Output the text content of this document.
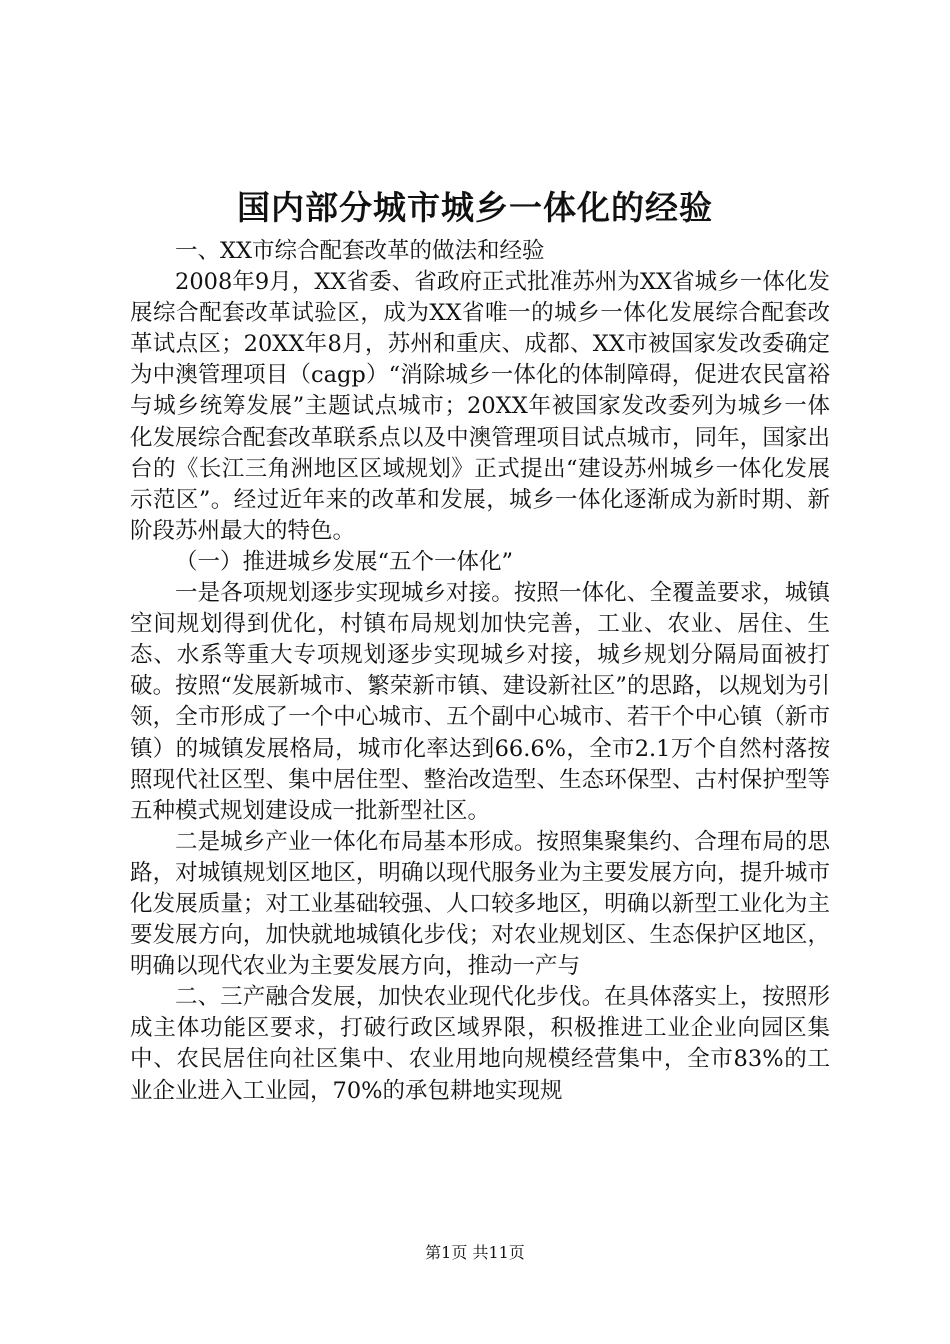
国内部分城市城乡一体化的经验

一、XX市综合配套改革的做法和经验

2008年9月，XX省委、省政府正式批准苏州为XX省城乡一体化发展综合配套改革试验区，成为XX省唯一的城乡一体化发展综合配套改革试点区；20XX年8月，苏州和重庆、成都、XX市被国家发改委确定为中澳管理项目（cagp）“消除城乡一体化的体制障碍，促进农民富裕与城乡统筹发展”主题试点城市；20XX年被国家发改委列为城乡一体化发展综合配套改革联系点以及中澳管理项目试点城市，同年，国家出台的《长江三角洲地区区域规划》正式提出“建设苏州城乡一体化发展示范区”。经过近年来的改革和发展，城乡一体化逐渐成为新时期、新阶段苏州最大的特色。

（一）推进城乡发展“五个一体化”

一是各项规划逐步实现城乡对接。按照一体化、全覆盖要求，城镇空间规划得到优化，村镇布局规划加快完善，工业、农业、居住、生态、水系等重大专项规划逐步实现城乡对接，城乡规划分隔局面被打破。按照“发展新城市、繁荣新市镇、建设新社区”的思路，以规划为引领，全市形成了一个中心城市、五个副中心城市、若干个中心镇（新市镇）的城镇发展格局，城市化率达到66.6%，全市2.1万个自然村落按照现代社区型、集中居住型、整治改造型、生态环保型、古村保护型等五种模式规划建设成一批新型社区。

二是城乡产业一体化布局基本形成。按照集聚集约、合理布局的思路，对城镇规划区地区，明确以现代服务业为主要发展方向，提升城市化发展质量；对工业基础较强、人口较多地区，明确以新型工业化为主要发展方向，加快就地城镇化步伐；对农业规划区、生态保护区地区，明确以现代农业为主要发展方向，推动一产与

二、三产融合发展，加快农业现代化步伐。在具体落实上，按照形成主体功能区要求，打破行政区域界限，积极推进工业企业向园区集中、农民居住向社区集中、农业用地向规模经营集中，全市83%的工业企业进入工业园，70%的承包耕地实现规

第1页 共11页
